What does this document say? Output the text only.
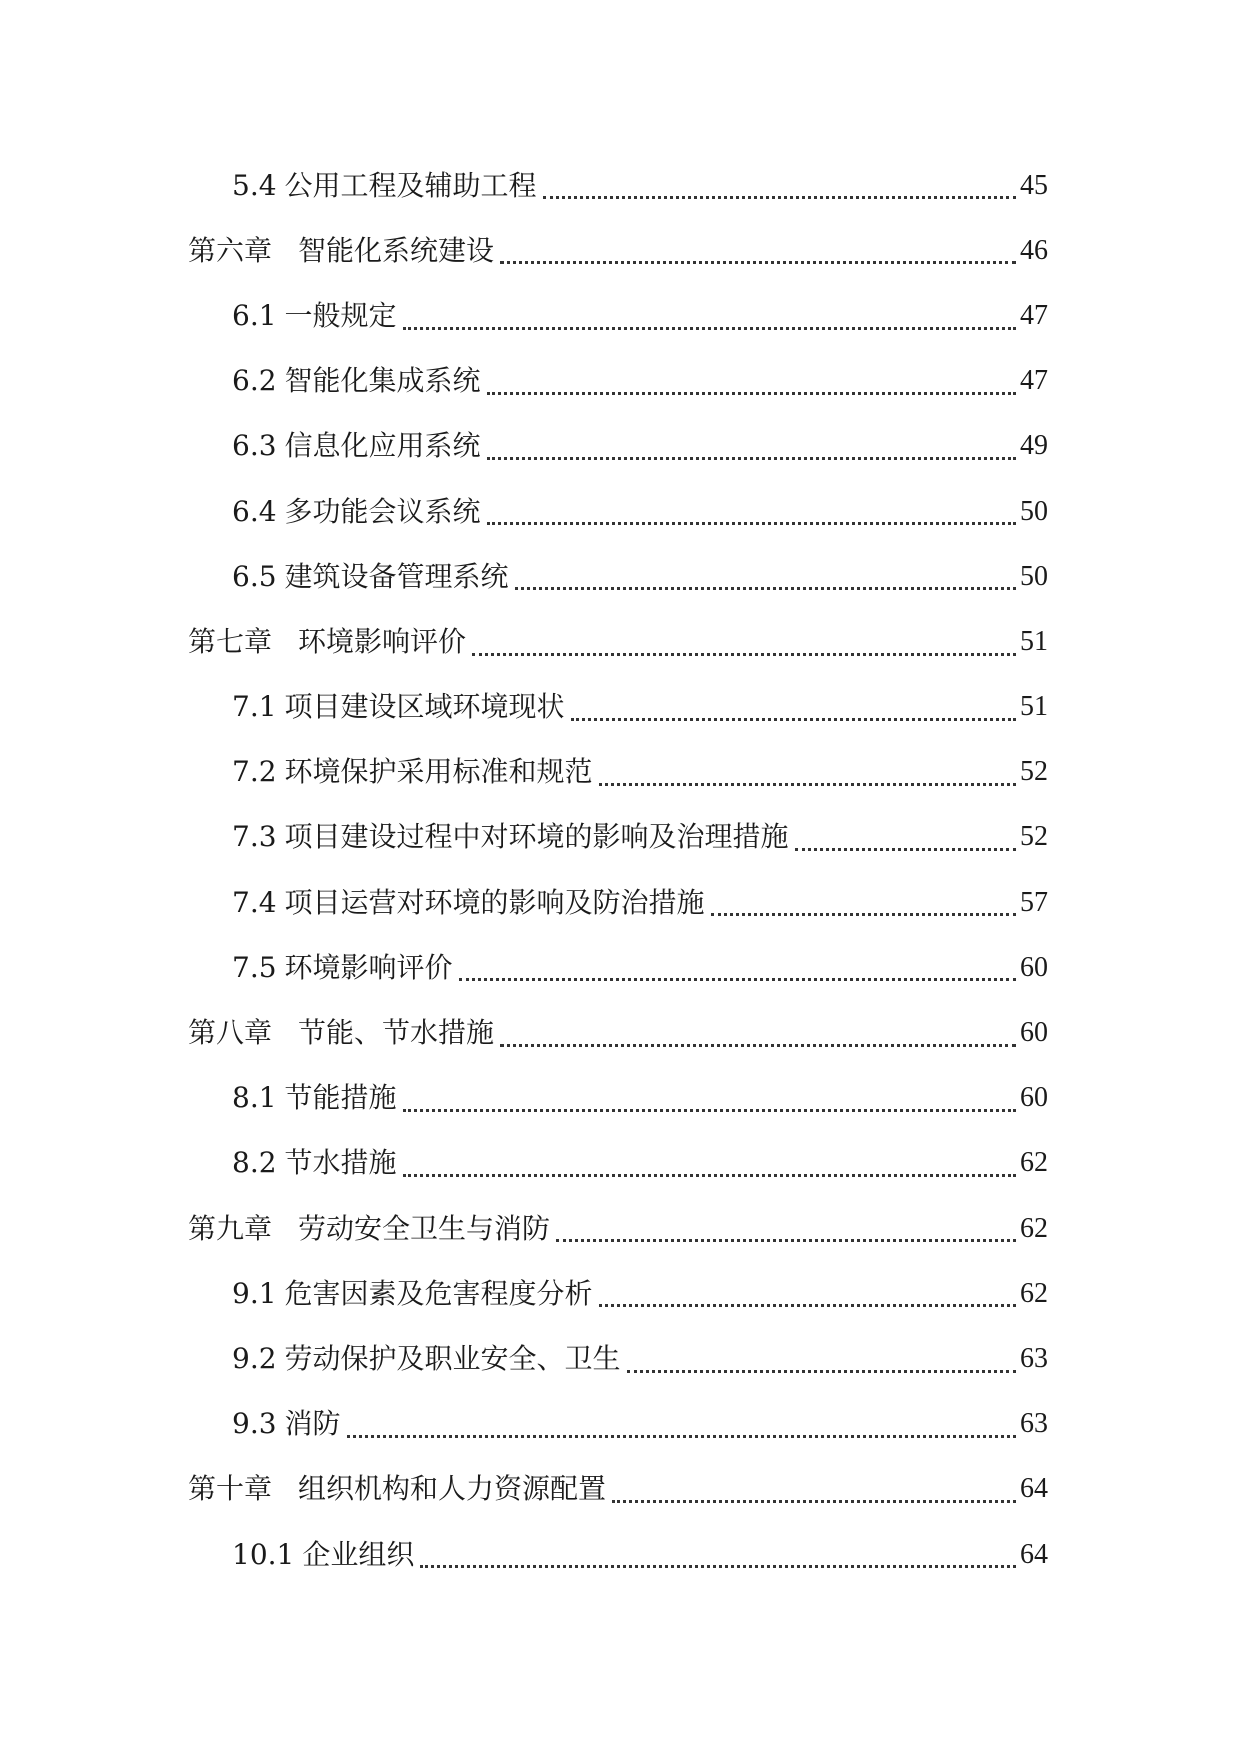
5.4 公用工程及辅助工程	45
第六章 智能化系统建设	46
6.1 一般规定	47
6.2 智能化集成系统	47
6.3 信息化应用系统	49
6.4 多功能会议系统	50
6.5 建筑设备管理系统	50
第七章 环境影响评价	51
7.1 项目建设区域环境现状	51
7.2 环境保护采用标准和规范	52
7.3 项目建设过程中对环境的影响及治理措施	52
7.4 项目运营对环境的影响及防治措施	57
7.5 环境影响评价	60
第八章 节能、节水措施	60
8.1 节能措施	60
8.2 节水措施	62
第九章 劳动安全卫生与消防	62
9.1 危害因素及危害程度分析	62
9.2 劳动保护及职业安全、卫生	63
9.3 消防	63
第十章 组织机构和人力资源配置	64
10.1 企业组织	64
